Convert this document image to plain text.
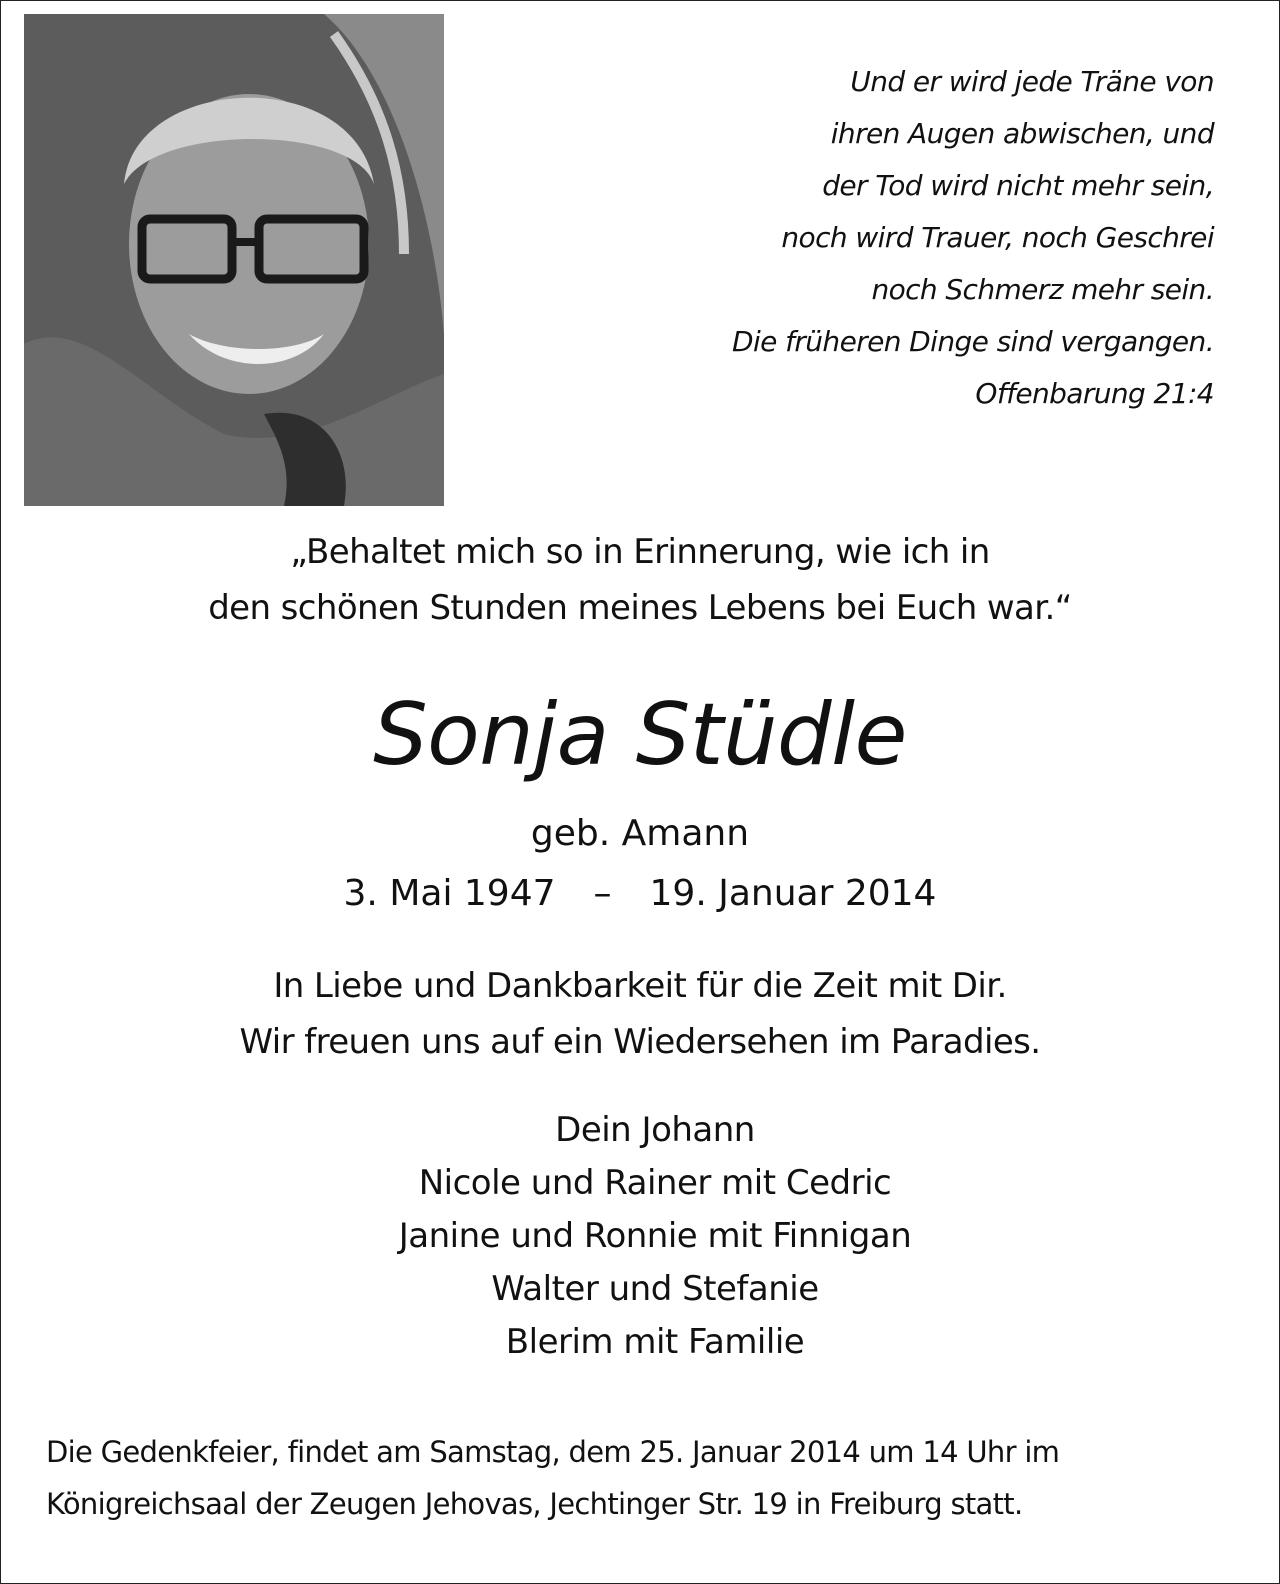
Und er wird jede Träne von
ihren Augen abwischen, und
der Tod wird nicht mehr sein,
noch wird Trauer, noch Geschrei
noch Schmerz mehr sein.
Die früheren Dinge sind vergangen.
Offenbarung 21:4
„Behaltet mich so in Erinnerung, wie ich in
den schönen Stunden meines Lebens bei Euch war.“
Sonja Stüdle
geb. Amann
3. Mai 1947 – 19. Januar 2014
In Liebe und Dankbarkeit für die Zeit mit Dir.
Wir freuen uns auf ein Wiedersehen im Paradies.
Dein Johann
Nicole und Rainer mit Cedric
Janine und Ronnie mit Finnigan
Walter und Stefanie
Blerim mit Familie
Die Gedenkfeier, findet am Samstag, dem 25. Januar 2014 um 14 Uhr im
Königreichsaal der Zeugen Jehovas, Jechtinger Str. 19 in Freiburg statt.
